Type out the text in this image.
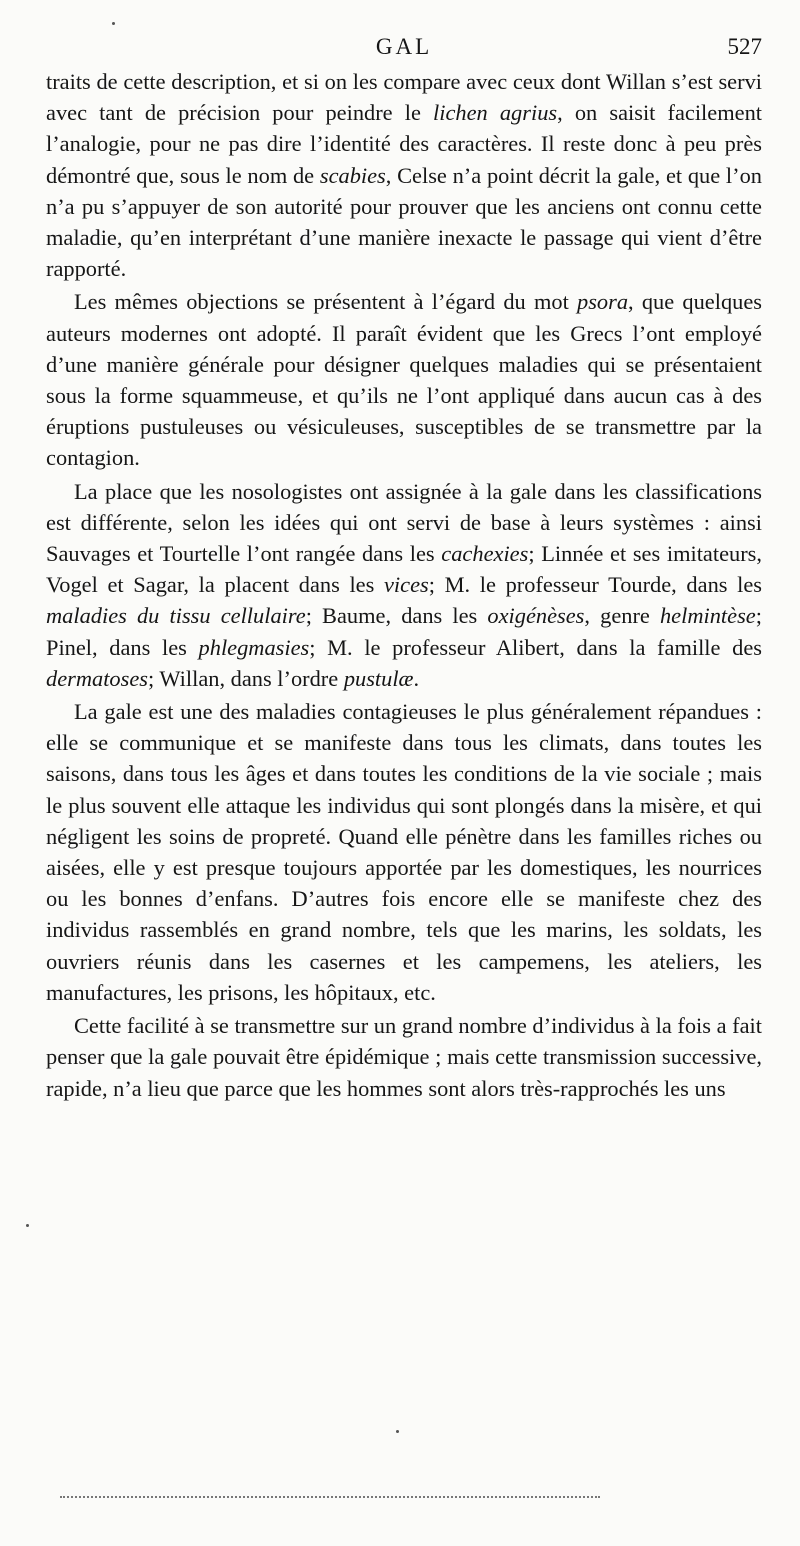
GAL	527

traits de cette description, et si on les compare avec ceux dont Willan s’est servi avec tant de précision pour peindre le lichen agrius, on saisit facilement l’analogie, pour ne pas dire l’identité des caractères. Il reste donc à peu près démontré que, sous le nom de scabies, Celse n’a point décrit la gale, et que l’on n’a pu s’appuyer de son autorité pour prouver que les anciens ont connu cette maladie, qu’en interprétant d’une manière inexacte le passage qui vient d’être rapporté.

Les mêmes objections se présentent à l’égard du mot psora, que quelques auteurs modernes ont adopté. Il paraît évident que les Grecs l’ont employé d’une manière générale pour désigner quelques maladies qui se présentaient sous la forme squammeuse, et qu’ils ne l’ont appliqué dans aucun cas à des éruptions pustuleuses ou vésiculeuses, susceptibles de se transmettre par la contagion.

La place que les nosologistes ont assignée à la gale dans les classifications est différente, selon les idées qui ont servi de base à leurs systèmes : ainsi Sauvages et Tourtelle l’ont rangée dans les cachexies; Linnée et ses imitateurs, Vogel et Sagar, la placent dans les vices; M. le professeur Tourde, dans les maladies du tissu cellulaire; Baume, dans les oxigénèses, genre helmintèse; Pinel, dans les phlegmasies; M. le professeur Alibert, dans la famille des dermatoses; Willan, dans l’ordre pustulæ.

La gale est une des maladies contagieuses le plus généralement répandues : elle se communique et se manifeste dans tous les climats, dans toutes les saisons, dans tous les âges et dans toutes les conditions de la vie sociale ; mais le plus souvent elle attaque les individus qui sont plongés dans la misère, et qui négligent les soins de propreté. Quand elle pénètre dans les familles riches ou aisées, elle y est presque toujours apportée par les domestiques, les nourrices ou les bonnes d’enfans. D’autres fois encore elle se manifeste chez des individus rassemblés en grand nombre, tels que les marins, les soldats, les ouvriers réunis dans les casernes et les campemens, les ateliers, les manufactures, les prisons, les hôpitaux, etc.

Cette facilité à se transmettre sur un grand nombre d’individus à la fois a fait penser que la gale pouvait être épidémique ; mais cette transmission successive, rapide, n’a lieu que parce que les hommes sont alors très-rapprochés les uns
